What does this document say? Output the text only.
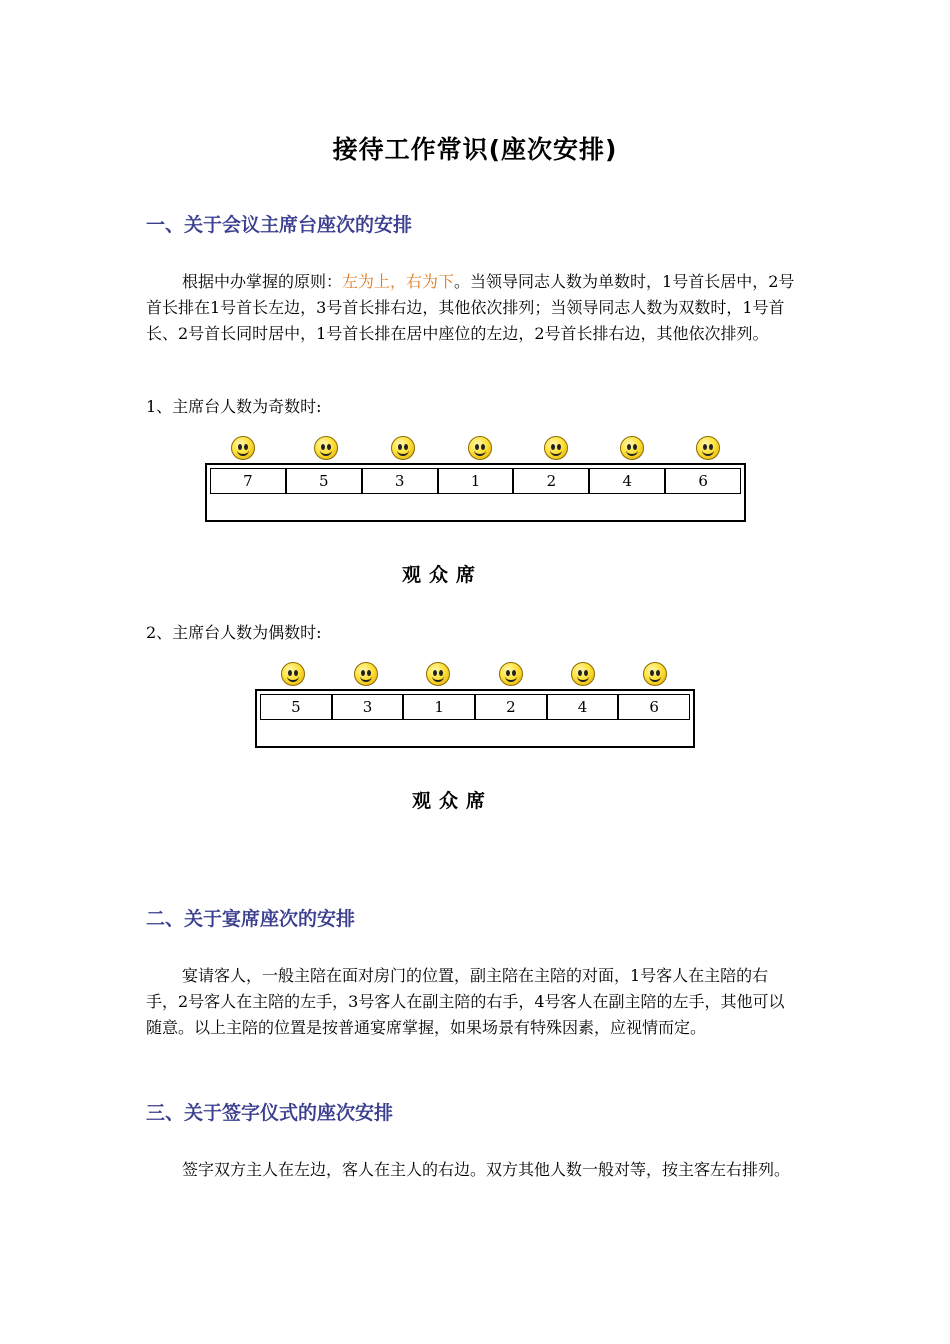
接待工作常识(座次安排)
一、关于会议主席台座次的安排
根据中办掌握的原则：左为上，右为下。当领导同志人数为单数时，1号首长居中，2号首长排在1号首长左边，3号首长排右边，其他依次排列；当领导同志人数为双数时，1号首长、2号首长同时居中，1号首长排在居中座位的左边，2号首长排右边，其他依次排列。
1、主席台人数为奇数时:
7	5	3	1	2	4	6
观众席
2、主席台人数为偶数时:
5	3	1	2	4	6
观众席
二、关于宴席座次的安排
宴请客人，一般主陪在面对房门的位置，副主陪在主陪的对面，1号客人在主陪的右手，2号客人在主陪的左手，3号客人在副主陪的右手，4号客人在副主陪的左手，其他可以随意。以上主陪的位置是按普通宴席掌握，如果场景有特殊因素，应视情而定。
三、关于签字仪式的座次安排
签字双方主人在左边，客人在主人的右边。双方其他人数一般对等，按主客左右排列。
